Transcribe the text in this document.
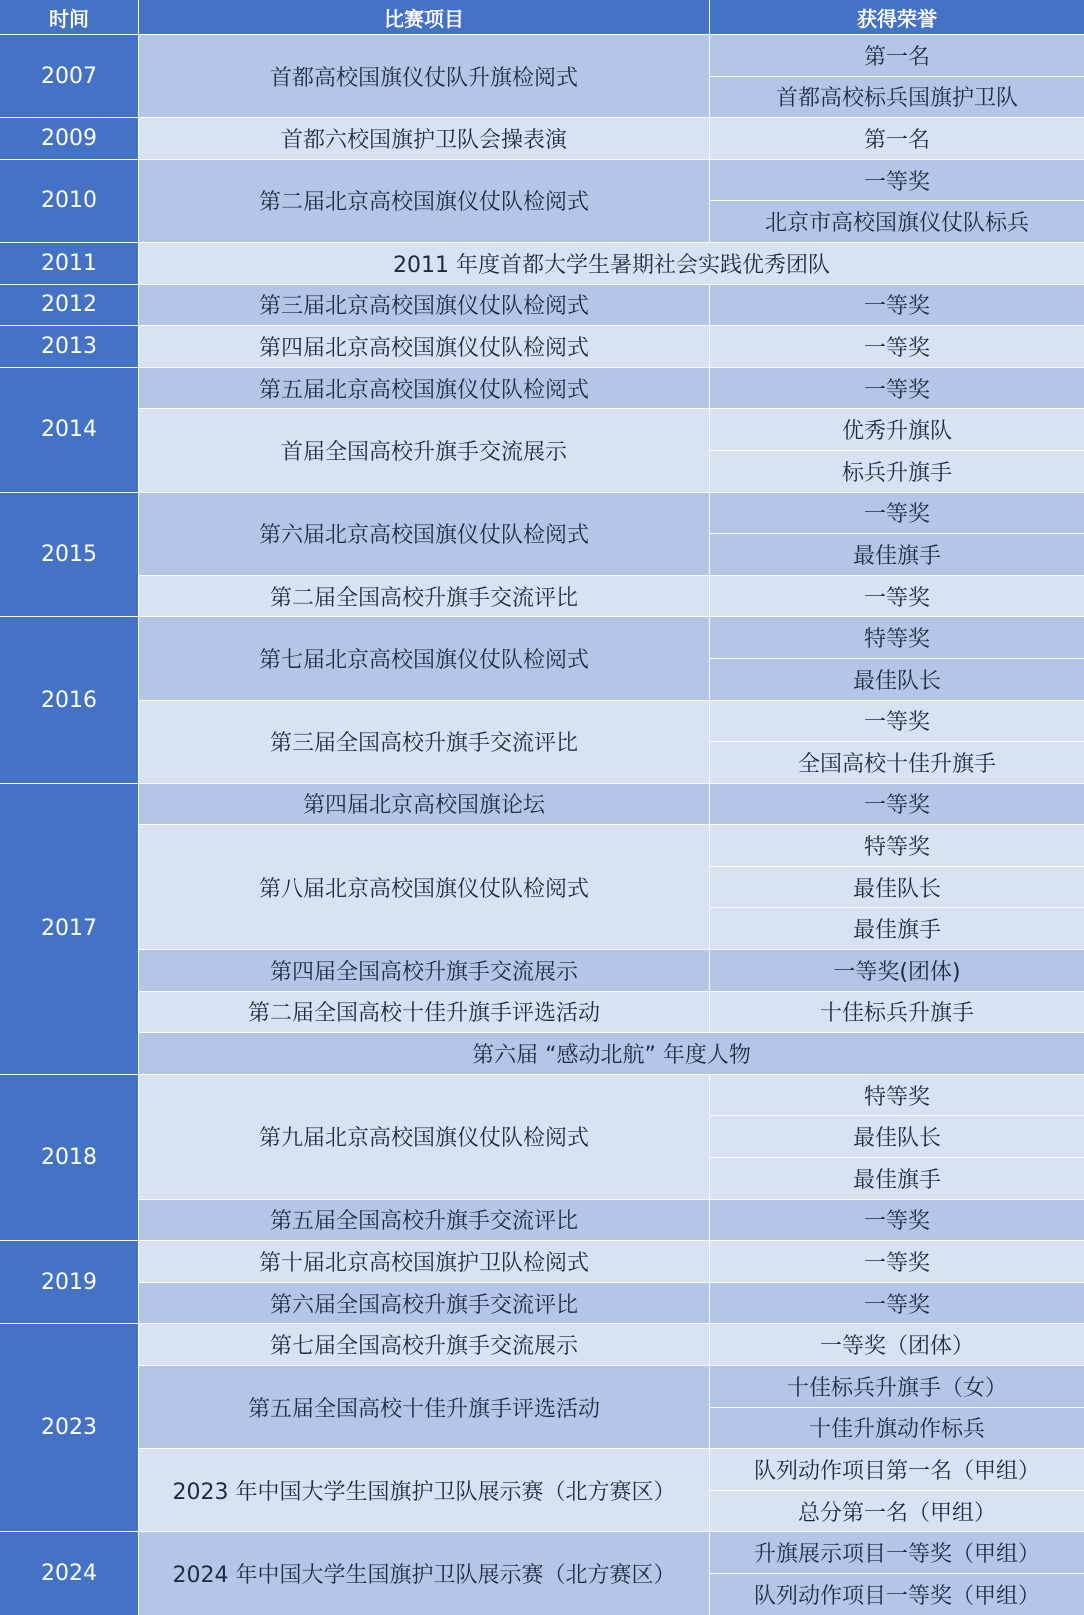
时间	比赛项目	获得荣誉
2007
2009
2010
2011
2012
2013
2014
2015
2016
2017
2018
2019
2023
2024
首都高校国旗仪仗队升旗检阅式
首都六校国旗护卫队会操表演
第二届北京高校国旗仪仗队检阅式
2011 年度首都大学生暑期社会实践优秀团队
第三届北京高校国旗仪仗队检阅式
第四届北京高校国旗仪仗队检阅式
第五届北京高校国旗仪仗队检阅式
首届全国高校升旗手交流展示
第六届北京高校国旗仪仗队检阅式
第二届全国高校升旗手交流评比
第七届北京高校国旗仪仗队检阅式
第三届全国高校升旗手交流评比
第四届北京高校国旗论坛
第八届北京高校国旗仪仗队检阅式
第四届全国高校升旗手交流展示
第二届全国高校十佳升旗手评选活动
第六届 “感动北航” 年度人物
第九届北京高校国旗仪仗队检阅式
第五届全国高校升旗手交流评比
第十届北京高校国旗护卫队检阅式
第六届全国高校升旗手交流评比
第七届全国高校升旗手交流展示
第五届全国高校十佳升旗手评选活动
2023 年中国大学生国旗护卫队展示赛（北方赛区）
2024 年中国大学生国旗护卫队展示赛（北方赛区）
第一名
首都高校标兵国旗护卫队
第一名
一等奖
北京市高校国旗仪仗队标兵
一等奖
一等奖
一等奖
优秀升旗队
标兵升旗手
一等奖
最佳旗手
一等奖
特等奖
最佳队长
一等奖
全国高校十佳升旗手
一等奖
特等奖
最佳队长
最佳旗手
一等奖(团体)
十佳标兵升旗手
特等奖
最佳队长
最佳旗手
一等奖
一等奖
一等奖
一等奖（团体）
十佳标兵升旗手（女）
十佳升旗动作标兵
队列动作项目第一名（甲组）
总分第一名（甲组）
升旗展示项目一等奖（甲组）
队列动作项目一等奖（甲组）
